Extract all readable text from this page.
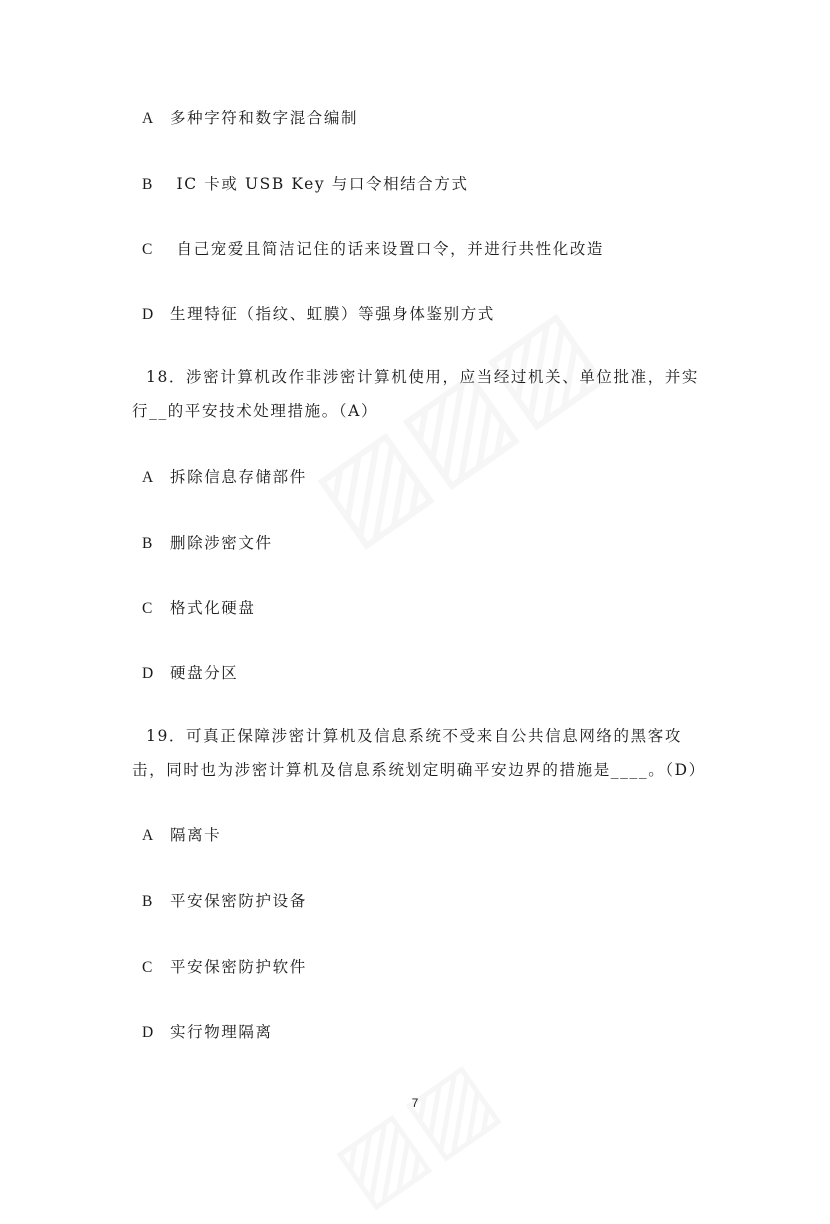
A 多种字符和数字混合编制
B IC 卡或 USB Key 与口令相结合方式
C 自己宠爱且简洁记住的话来设置口令，并进行共性化改造
D 生理特征（指纹、虹膜）等强身体鉴别方式
18．涉密计算机改作非涉密计算机使用，应当经过机关、单位批准，并实行__的平安技术处理措施。（A）
A 拆除信息存储部件
B 删除涉密文件
C 格式化硬盘
D 硬盘分区
19．可真正保障涉密计算机及信息系统不受来自公共信息网络的黑客攻击，同时也为涉密计算机及信息系统划定明确平安边界的措施是____。（D）
A 隔离卡
B 平安保密防护设备
C 平安保密防护软件
D 实行物理隔离
7
